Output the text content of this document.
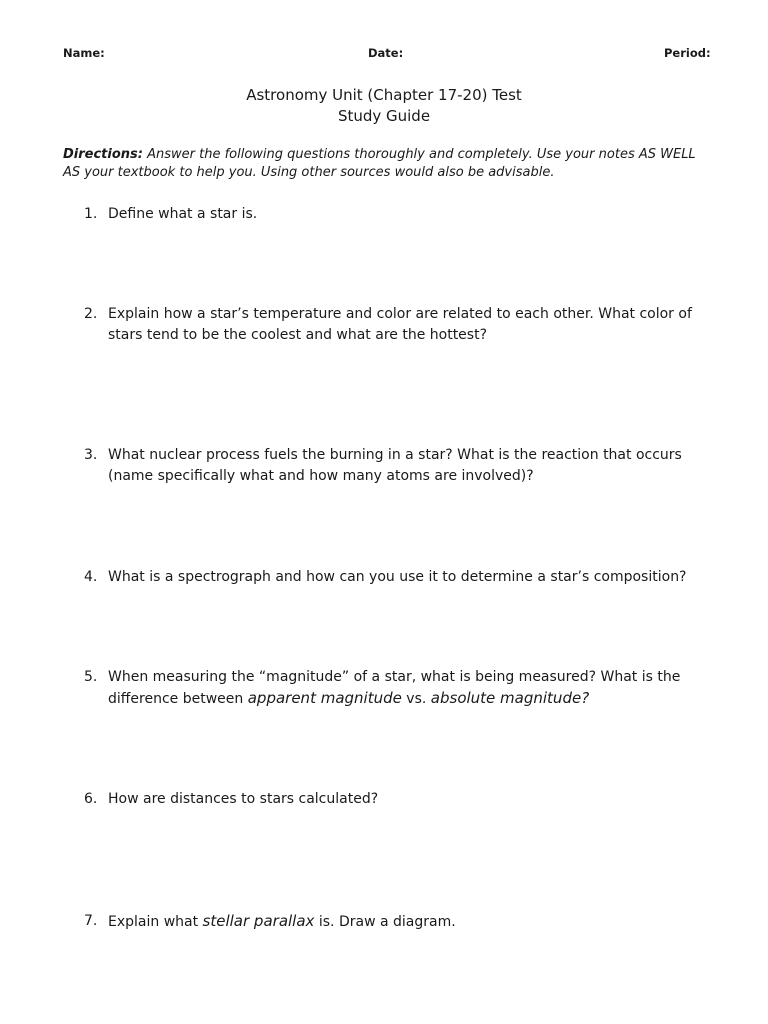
Name:	Date:	Period:
Astronomy Unit (Chapter 17-20) Test
Study Guide
Directions: Answer the following questions thoroughly and completely. Use your notes AS WELL AS your textbook to help you. Using other sources would also be advisable.
1. Define what a star is.
2. Explain how a star’s temperature and color are related to each other. What color of stars tend to be the coolest and what are the hottest?
3. What nuclear process fuels the burning in a star? What is the reaction that occurs (name specifically what and how many atoms are involved)?
4. What is a spectrograph and how can you use it to determine a star’s composition?
5. When measuring the “magnitude” of a star, what is being measured? What is the difference between apparent magnitude vs. absolute magnitude?
6. How are distances to stars calculated?
7. Explain what stellar parallax is. Draw a diagram.
